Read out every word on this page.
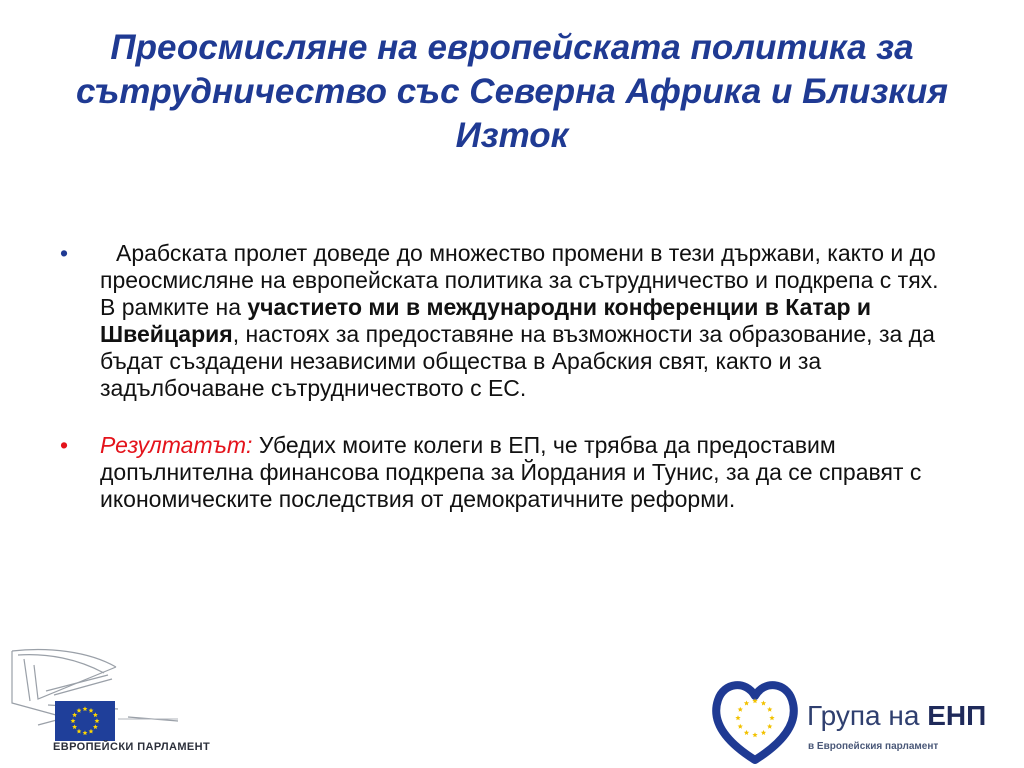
Преосмисляне на европейската политика за сътрудничество със Северна Африка и Близкия Изток
•	Арабската пролет доведе до множество промени в тези държави, както и до преосмисляне на европейската политика за сътрудничество и подкрепа с тях. В рамките на участието ми в международни конференции в Катар и Швейцария, настоях за предоставяне на възможности за образование, за да бъдат създадени независими общества в Арабския свят, както и за задълбочаване сътрудничеството с ЕС.
•	Резултатът: Убедих моите колеги в ЕП, че трябва да предоставим допълнителна финансова подкрепа за Йордания и Тунис, за да се справят с икономическите последствия от демократичните реформи.
ЕВРОПЕЙСКИ ПАРЛАМЕНТ
Група на ЕНП
в Европейския парламент
